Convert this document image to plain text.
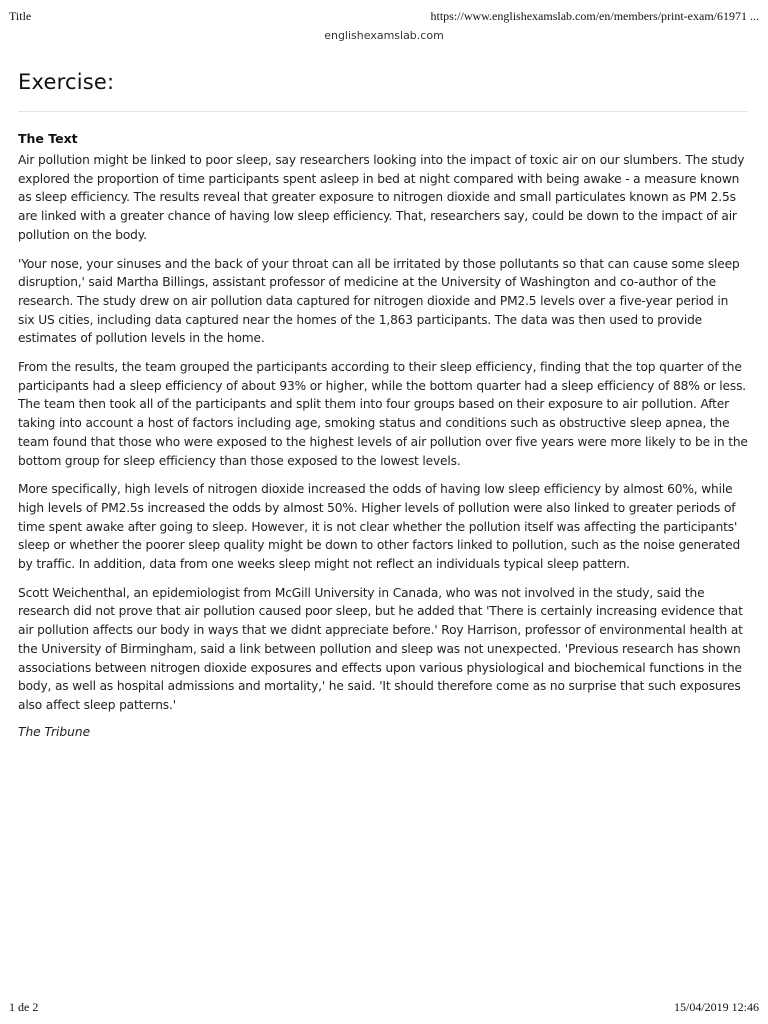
Title	https://www.englishexamslab.com/en/members/print-exam/61971 ...
englishexamslab.com
Exercise:
The Text

Air pollution might be linked to poor sleep, say researchers looking into the impact of toxic air on our slumbers. The study explored the proportion of time participants spent asleep in bed at night compared with being awake - a measure known as sleep efficiency. The results reveal that greater exposure to nitrogen dioxide and small particulates known as PM 2.5s are linked with a greater chance of having low sleep efficiency. That, researchers say, could be down to the impact of air pollution on the body.

'Your nose, your sinuses and the back of your throat can all be irritated by those pollutants so that can cause some sleep disruption,' said Martha Billings, assistant professor of medicine at the University of Washington and co-author of the research. The study drew on air pollution data captured for nitrogen dioxide and PM2.5 levels over a five-year period in six US cities, including data captured near the homes of the 1,863 participants. The data was then used to provide estimates of pollution levels in the home.

From the results, the team grouped the participants according to their sleep efficiency, finding that the top quarter of the participants had a sleep efficiency of about 93% or higher, while the bottom quarter had a sleep efficiency of 88% or less. The team then took all of the participants and split them into four groups based on their exposure to air pollution. After taking into account a host of factors including age, smoking status and conditions such as obstructive sleep apnea, the team found that those who were exposed to the highest levels of air pollution over five years were more likely to be in the bottom group for sleep efficiency than those exposed to the lowest levels.

More specifically, high levels of nitrogen dioxide increased the odds of having low sleep efficiency by almost 60%, while high levels of PM2.5s increased the odds by almost 50%. Higher levels of pollution were also linked to greater periods of time spent awake after going to sleep. However, it is not clear whether the pollution itself was affecting the participants' sleep or whether the poorer sleep quality might be down to other factors linked to pollution, such as the noise generated by traffic. In addition, data from one weeks sleep might not reflect an individuals typical sleep pattern.

Scott Weichenthal, an epidemiologist from McGill University in Canada, who was not involved in the study, said the research did not prove that air pollution caused poor sleep, but he added that 'There is certainly increasing evidence that air pollution affects our body in ways that we didnt appreciate before.' Roy Harrison, professor of environmental health at the University of Birmingham, said a link between pollution and sleep was not unexpected. 'Previous research has shown associations between nitrogen dioxide exposures and effects upon various physiological and biochemical functions in the body, as well as hospital admissions and mortality,' he said. 'It should therefore come as no surprise that such exposures also affect sleep patterns.'

The Tribune
1 de 2	15/04/2019 12:46
